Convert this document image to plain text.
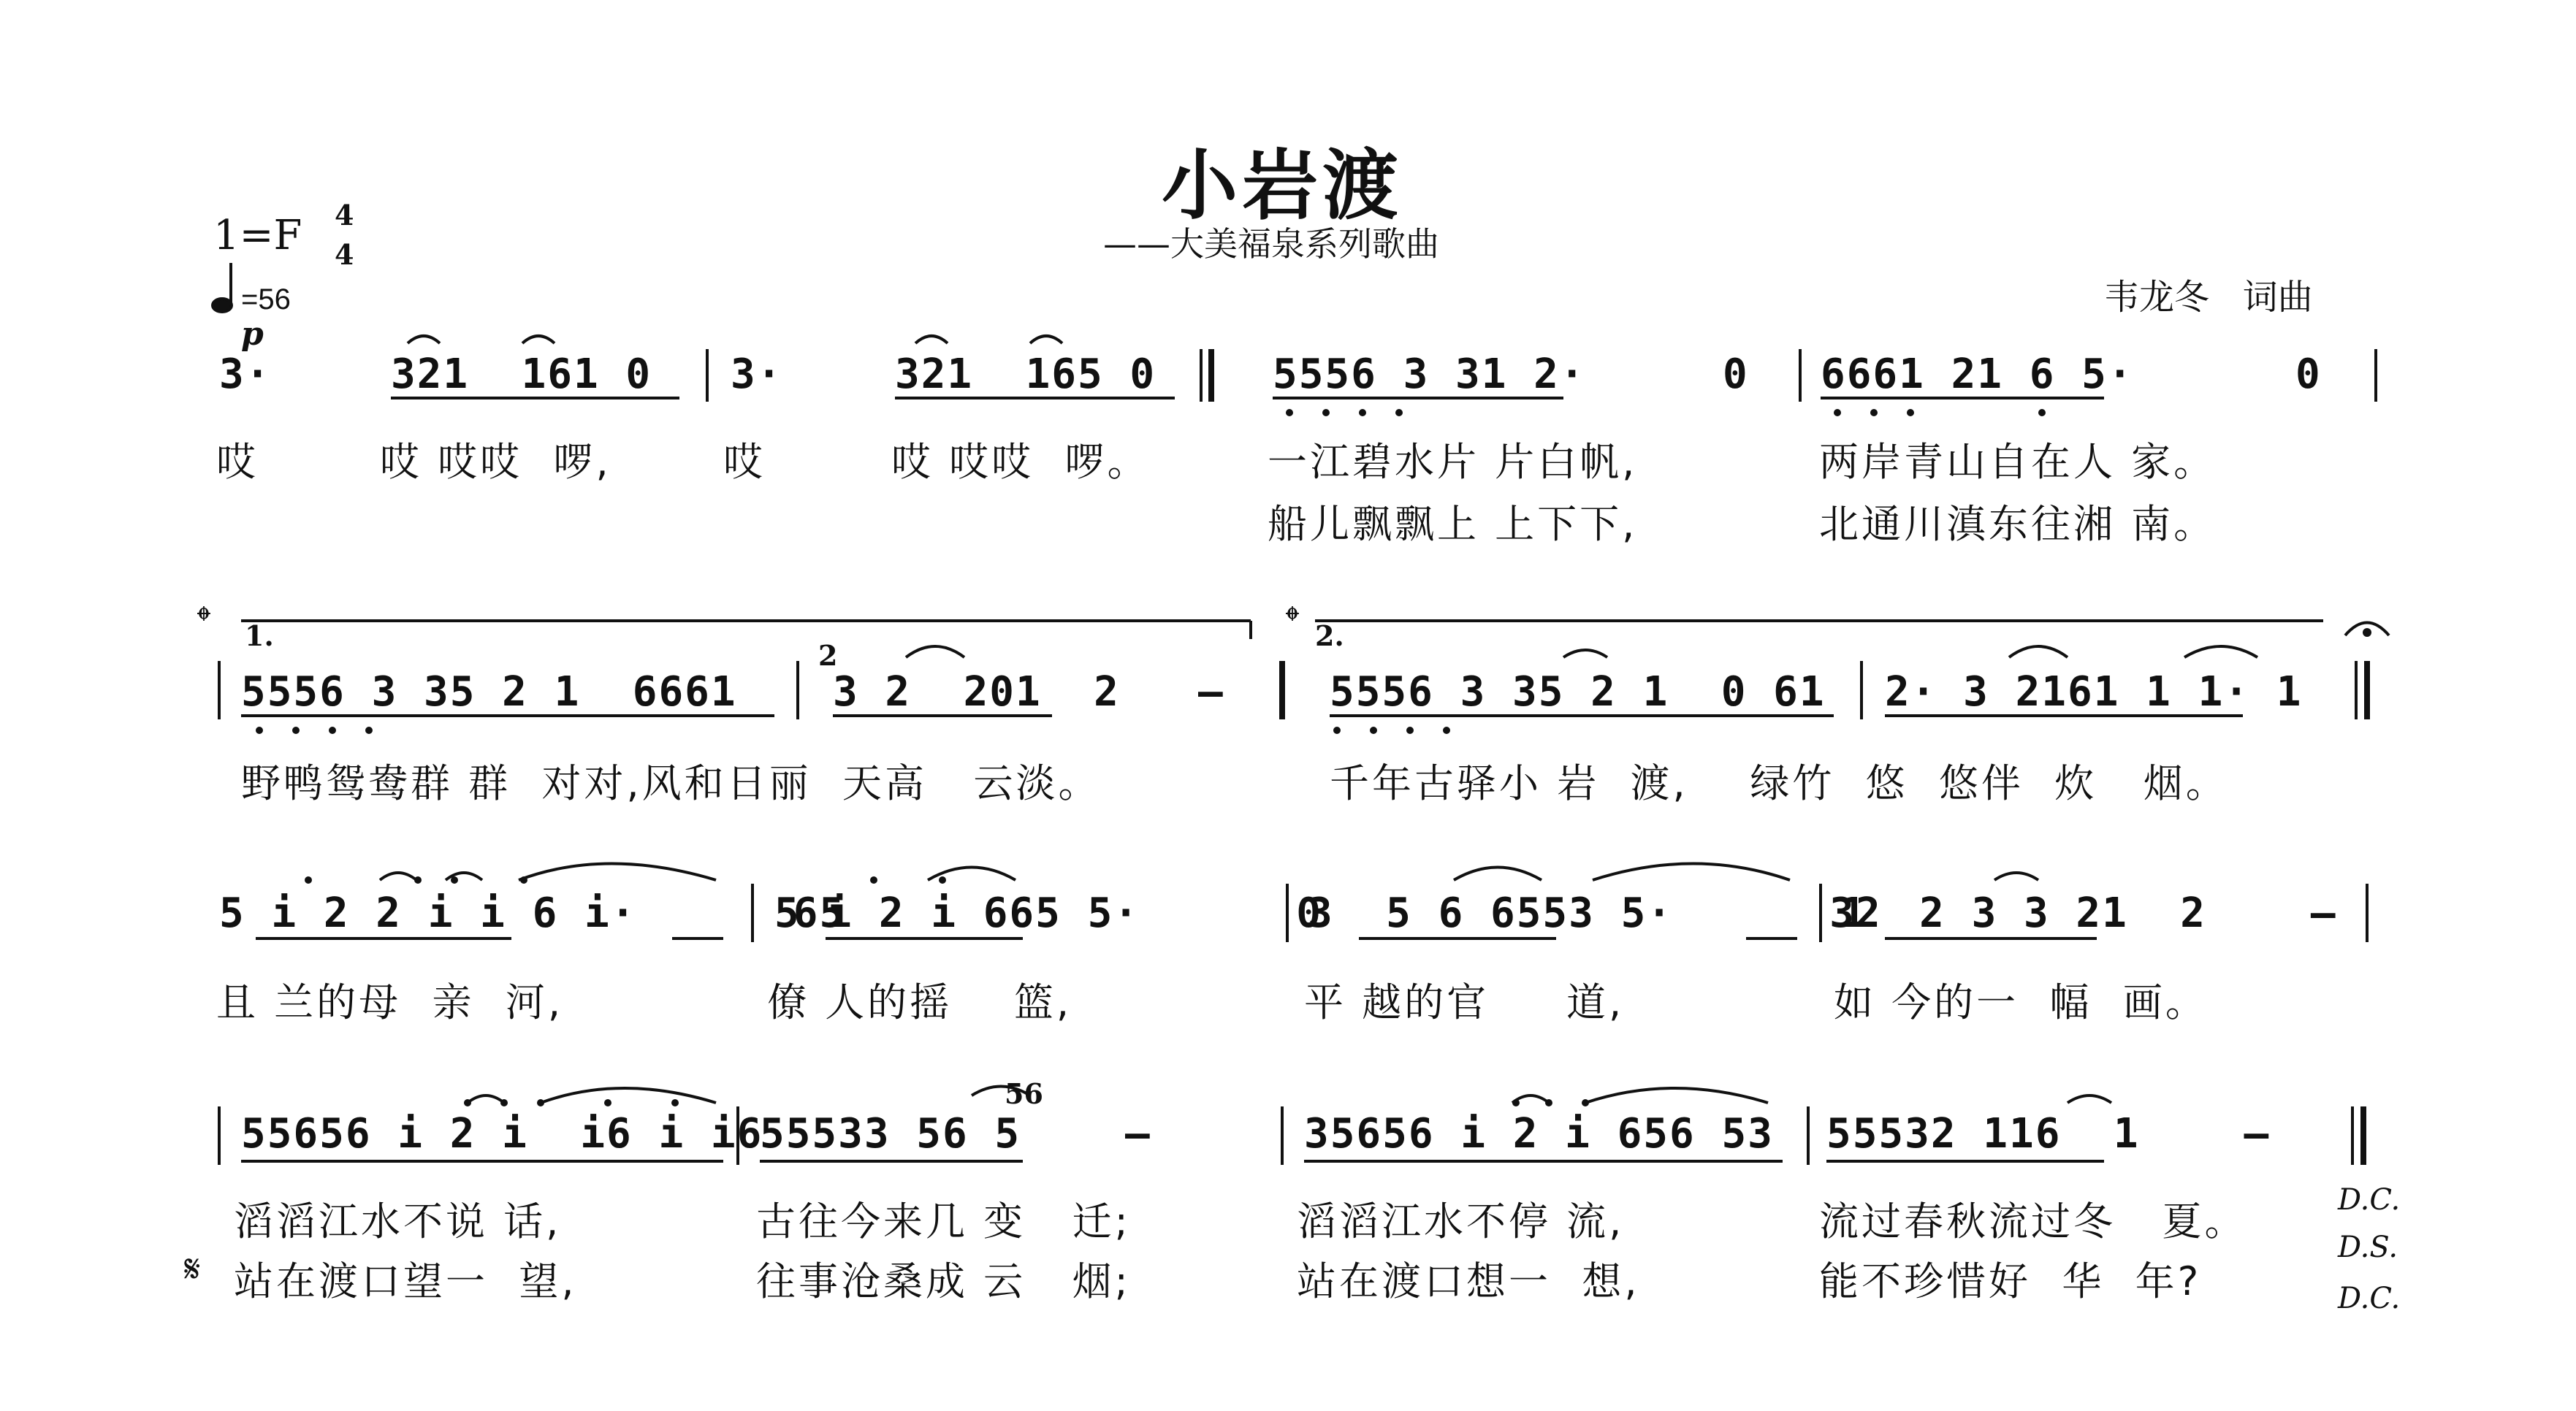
小岩渡
——大美福泉系列歌曲
韦龙冬   词曲
1=F 4
4
=56
p
3·	321  161 0 3·	321  165 0	5556 3 31 2·	0 6661 21 6 5·	0
哎	哎 哎哎  啰,	哎	哎 哎哎  啰。	一江碧水片 片白帆,	两岸青山自在人 家。
船儿飘飘上 上下下,	北通川滇东往湘 南。
𝄌 1.	𝄌 2.
2
5556 3 35 2 1  6661 3 2  201  2   –	5556 3 35 2 1  0 61 2· 3 2161 1 1· 1
野鸭鸳鸯群 群  对对,风和日丽  天高   云淡。	千年古驿小 岩  渡,    绿竹  悠  悠伴  炊   烟。
5 i 2 2 i i 6 i·      65
5 i 2 i 665 5·      0
3  5 6 6553 5·      32
1  2 3 3 21  2    –
且 兰的母  亲  河,	僚 人的摇    篮,	平 越的官     道,	如 今的一  幅  画。
56
55656 i 2 i  i6 i i6
55533 56 5    –	35656 i 2 i 656 53 55532 116  1    –
滔滔江水不说 话,	古往今来几 变   迁;	滔滔江水不停 流,	流过春秋流过冬   夏。
𝄋 站在渡口望一  望,	往事沧桑成 云   烟;	站在渡口想一  想,	能不珍惜好  华  年?
D.C.
D.S.
D.C.
